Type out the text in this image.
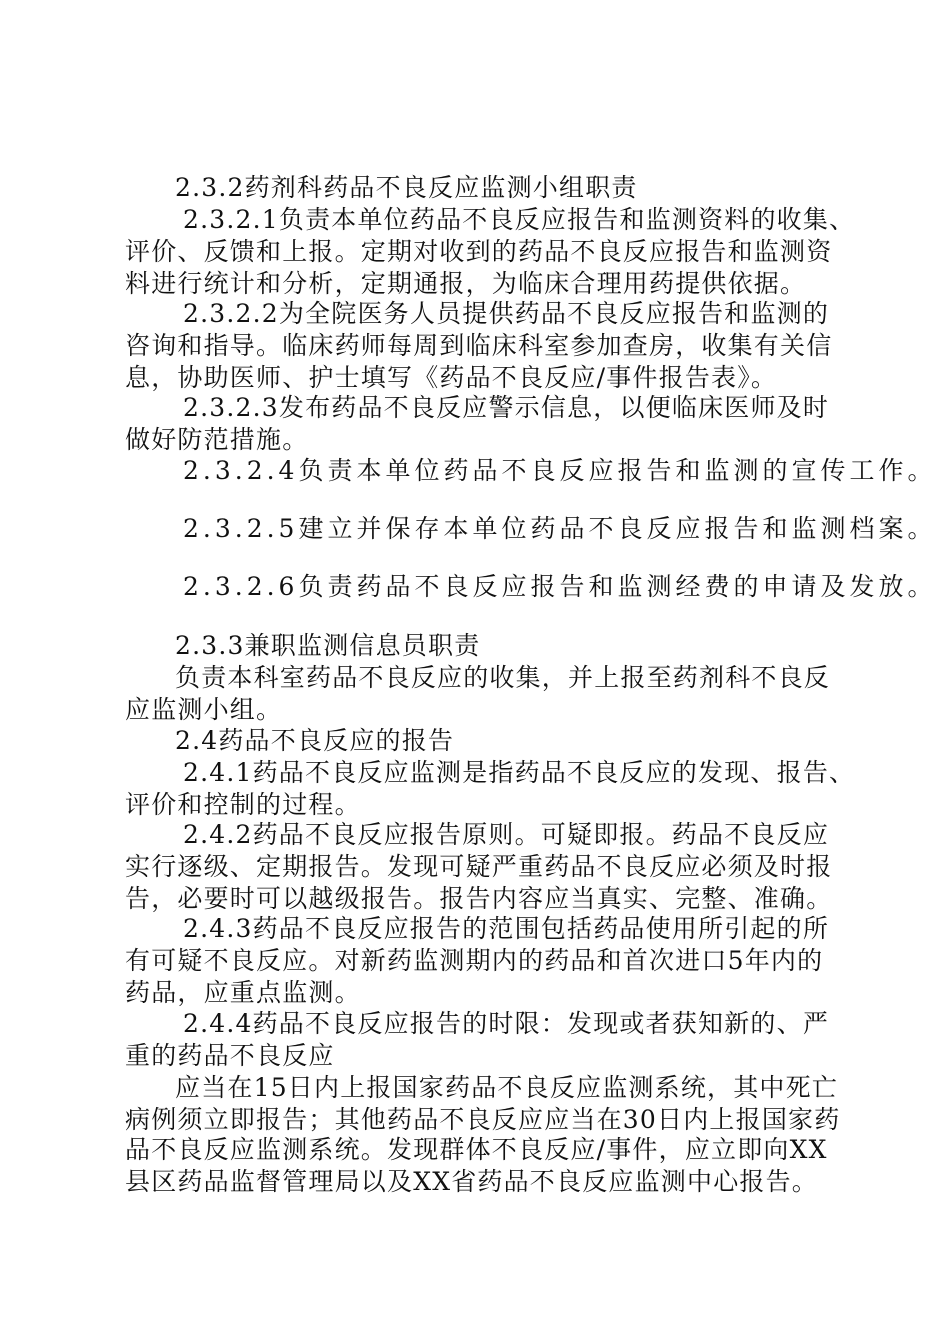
2.3.2药剂科药品不良反应监测小组职责
2.3.2.1负责本单位药品不良反应报告和监测资料的收集、
评价、反馈和上报。定期对收到的药品不良反应报告和监测资
料进行统计和分析，定期通报，为临床合理用药提供依据。
2.3.2.2为全院医务人员提供药品不良反应报告和监测的
咨询和指导。临床药师每周到临床科室参加查房，收集有关信
息，协助医师、护士填写《药品不良反应/事件报告表》。
2.3.2.3发布药品不良反应警示信息，以便临床医师及时
做好防范措施。
2.3.2.4负责本单位药品不良反应报告和监测的宣传工作。
2.3.2.5建立并保存本单位药品不良反应报告和监测档案。
2.3.2.6负责药品不良反应报告和监测经费的申请及发放。
2.3.3兼职监测信息员职责
负责本科室药品不良反应的收集，并上报至药剂科不良反
应监测小组。
2.4药品不良反应的报告
2.4.1药品不良反应监测是指药品不良反应的发现、报告、
评价和控制的过程。
2.4.2药品不良反应报告原则。可疑即报。药品不良反应
实行逐级、定期报告。发现可疑严重药品不良反应必须及时报
告，必要时可以越级报告。报告内容应当真实、完整、准确。
2.4.3药品不良反应报告的范围包括药品使用所引起的所
有可疑不良反应。对新药监测期内的药品和首次进口5年内的
药品，应重点监测。
2.4.4药品不良反应报告的时限：发现或者获知新的、严
重的药品不良反应
应当在15日内上报国家药品不良反应监测系统，其中死亡
病例须立即报告；其他药品不良反应应当在30日内上报国家药
品不良反应监测系统。发现群体不良反应/事件，应立即向XX
县区药品监督管理局以及XX省药品不良反应监测中心报告。
